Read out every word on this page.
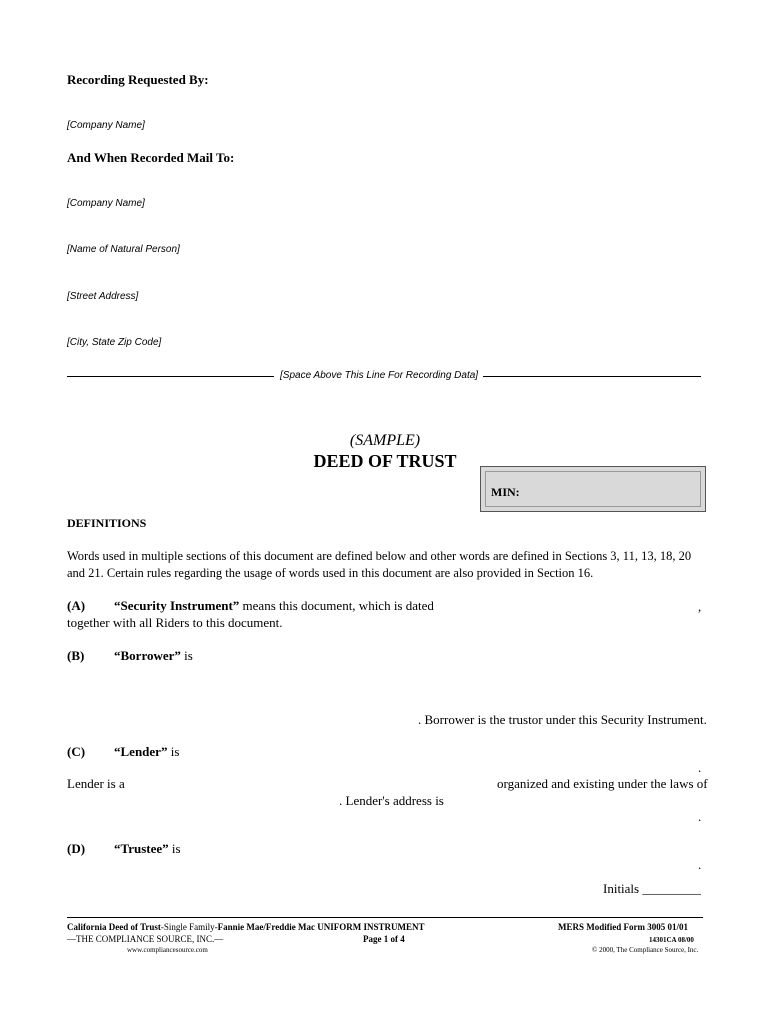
Recording Requested By:
[Company Name]
And When Recorded Mail To:
[Company Name]
[Name of Natural Person]
[Street Address]
[City, State Zip Code]
[Space Above This Line For Recording Data]
(SAMPLE)
DEED OF TRUST
MIN:
DEFINITIONS
Words used in multiple sections of this document are defined below and other words are defined in Sections 3, 11, 13, 18, 20
and 21. Certain rules regarding the usage of words used in this document are also provided in Section 16.
(A) “Security Instrument” means this document, which is dated	,
together with all Riders to this document.
(B) “Borrower” is
. Borrower is the trustor under this Security Instrument.
(C) “Lender” is
.
Lender is a	organized and existing under the laws of
. Lender's address is
.
(D) “Trustee” is
.
Initials _________
California Deed of Trust-Single Family-Fannie Mae/Freddie Mac UNIFORM INSTRUMENT
—THE COMPLIANCE SOURCE, INC.—
www.compliancesource.com
Page 1 of 4
MERS Modified Form 3005 01/01
14301CA 08/00
© 2000, The Compliance Source, Inc.
